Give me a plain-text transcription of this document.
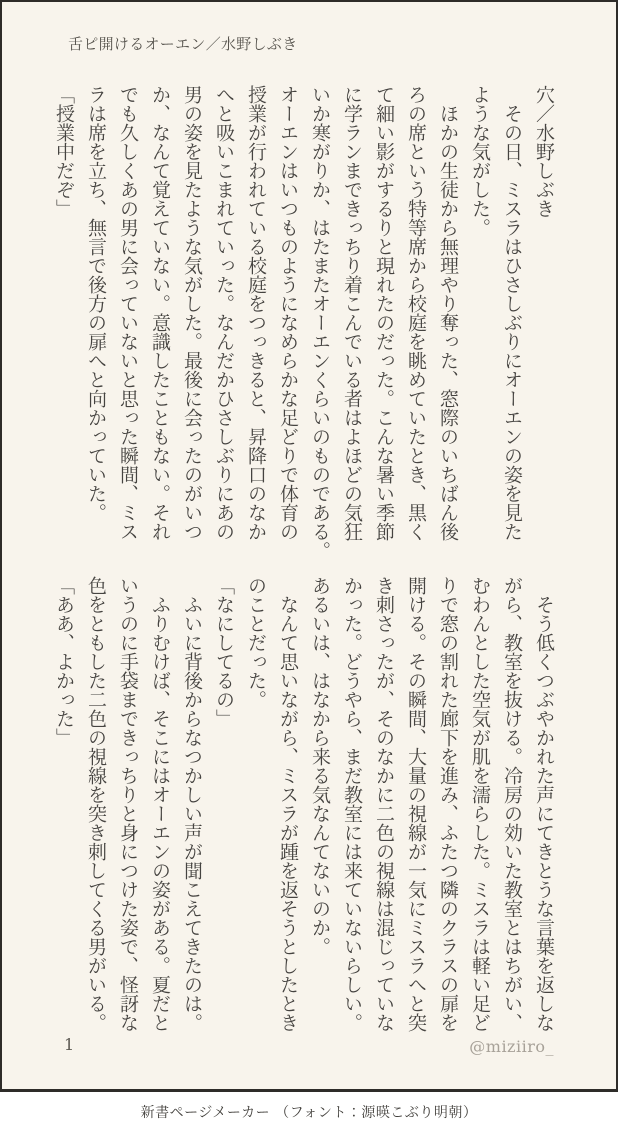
舌ピ開けるオーエン／水野しぶき
穴／水野しぶき
　その日、ミスラはひさしぶりにオーエンの姿を見た
ような気がした。
　ほかの生徒から無理やり奪った、窓際のいちばん後
ろの席という特等席から校庭を眺めていたとき、黒く
て細い影がするりと現れたのだった。こんな暑い季節
に学ランまできっちり着こんでいる者はよほどの気狂
いか寒がりか、はたまたオーエンくらいのものである。
オーエンはいつものようになめらかな足どりで体育の
授業が行われている校庭をつっきると、昇降口のなか
へと吸いこまれていった。なんだかひさしぶりにあの
男の姿を見たような気がした。最後に会ったのがいつ
か、なんて覚えていない。意識したこともない。それ
でも久しくあの男に会っていないと思った瞬間、ミス
ラは席を立ち、無言で後方の扉へと向かっていた。
「授業中だぞ」
　そう低くつぶやかれた声にてきとうな言葉を返しな
がら、教室を抜ける。冷房の効いた教室とはちがい、
むわんとした空気が肌を濡らした。ミスラは軽い足ど
りで窓の割れた廊下を進み、ふたつ隣のクラスの扉を
開ける。その瞬間、大量の視線が一気にミスラへと突
き刺さったが、そのなかに二色の視線は混じっていな
かった。どうやら、まだ教室には来ていないらしい。
あるいは、はなから来る気なんてないのか。
　なんて思いながら、ミスラが踵を返そうとしたとき
のことだった。
「なにしてるの」
　ふいに背後からなつかしい声が聞こえてきたのは。
　ふりむけば、そこにはオーエンの姿がある。夏だと
いうのに手袋まできっちりと身につけた姿で、怪訝な
色をともした二色の視線を突き刺してくる男がいる。
「ああ、よかった」
1	@miziiro_
新書ページメーカー （フォント：源暎こぶり明朝）
